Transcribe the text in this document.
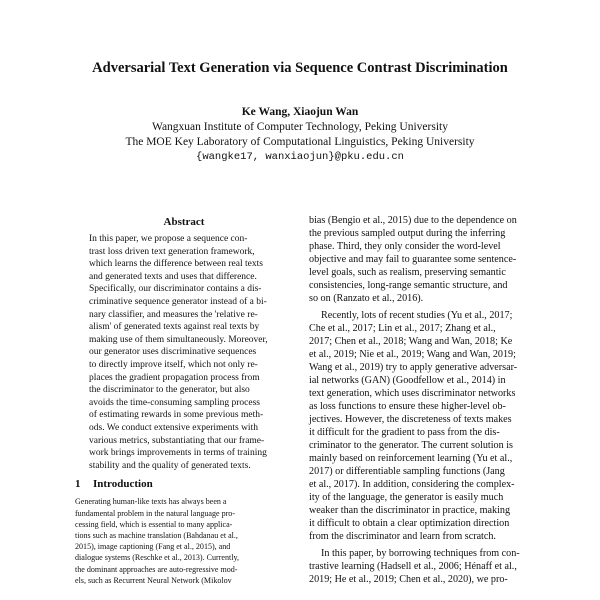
Adversarial Text Generation via Sequence Contrast Discrimination
Ke Wang, Xiaojun Wan
Wangxuan Institute of Computer Technology, Peking University
The MOE Key Laboratory of Computational Linguistics, Peking University
{wangke17, wanxiaojun}@pku.edu.cn
Abstract
In this paper, we propose a sequence con-
trast loss driven text generation framework,
which learns the difference between real texts
and generated texts and uses that difference.
Specifically, our discriminator contains a dis-
criminative sequence generator instead of a bi-
nary classifier, and measures the 'relative re-
alism' of generated texts against real texts by
making use of them simultaneously. Moreover,
our generator uses discriminative sequences
to directly improve itself, which not only re-
places the gradient propagation process from
the discriminator to the generator, but also
avoids the time-consuming sampling process
of estimating rewards in some previous meth-
ods. We conduct extensive experiments with
various metrics, substantiating that our frame-
work brings improvements in terms of training
stability and the quality of generated texts.
1 Introduction
Generating human-like texts has always been a
fundamental problem in the natural language pro-
cessing field, which is essential to many applica-
tions such as machine translation (Bahdanau et al.,
2015), image captioning (Fang et al., 2015), and
dialogue systems (Reschke et al., 2013). Currently,
the dominant approaches are auto-regressive mod-
els, such as Recurrent Neural Network (Mikolov
bias (Bengio et al., 2015) due to the dependence on
the previous sampled output during the inferring
phase. Third, they only consider the word-level
objective and may fail to guarantee some sentence-
level goals, such as realism, preserving semantic
consistencies, long-range semantic structure, and
so on (Ranzato et al., 2016).
Recently, lots of recent studies (Yu et al., 2017;
Che et al., 2017; Lin et al., 2017; Zhang et al.,
2017; Chen et al., 2018; Wang and Wan, 2018; Ke
et al., 2019; Nie et al., 2019; Wang and Wan, 2019;
Wang et al., 2019) try to apply generative adversar-
ial networks (GAN) (Goodfellow et al., 2014) in
text generation, which uses discriminator networks
as loss functions to ensure these higher-level ob-
jectives. However, the discreteness of texts makes
it difficult for the gradient to pass from the dis-
criminator to the generator. The current solution is
mainly based on reinforcement learning (Yu et al.,
2017) or differentiable sampling functions (Jang
et al., 2017). In addition, considering the complex-
ity of the language, the generator is easily much
weaker than the discriminator in practice, making
it difficult to obtain a clear optimization direction
from the discriminator and learn from scratch.
In this paper, by borrowing techniques from con-
trastive learning (Hadsell et al., 2006; Hénaff et al.,
2019; He et al., 2019; Chen et al., 2020), we pro-
